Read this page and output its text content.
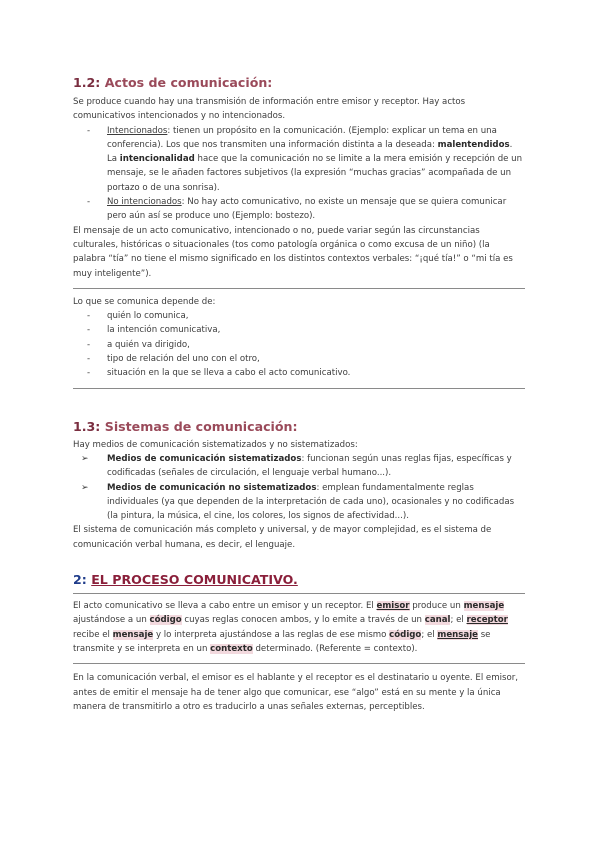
1.2: Actos de comunicación:

Se produce cuando hay una transmisión de información entre emisor y receptor. Hay actos comunicativos intencionados y no intencionados.

- Intencionados: tienen un propósito en la comunicación. (Ejemplo: explicar un tema en una conferencia). Los que nos transmiten una información distinta a la deseada: malentendidos.

La intencionalidad hace que la comunicación no se limite a la mera emisión y recepción de un mensaje, se le añaden factores subjetivos (la expresión “muchas gracias” acompañada de un portazo o de una sonrisa).

- No intencionados: No hay acto comunicativo, no existe un mensaje que se quiera comunicar pero aún así se produce uno (Ejemplo: bostezo).

El mensaje de un acto comunicativo, intencionado o no, puede variar según las circunstancias culturales, históricas o situacionales (tos como patología orgánica o como excusa de un niño) (la palabra “tía” no tiene el mismo significado en los distintos contextos verbales: “¡qué tía!” o “mi tía es muy inteligente”).

Lo que se comunica depende de:

- quién lo comunica,
- la intención comunicativa,
- a quién va dirigido,
- tipo de relación del uno con el otro,
- situación en la que se lleva a cabo el acto comunicativo.
1.3: Sistemas de comunicación:

Hay medios de comunicación sistematizados y no sistematizados:

➢ Medios de comunicación sistematizados: funcionan según unas reglas fijas, específicas y codificadas (señales de circulación, el lenguaje verbal humano...).
➢ Medios de comunicación no sistematizados: emplean fundamentalmente reglas individuales (ya que dependen de la interpretación de cada uno), ocasionales y no codificadas (la pintura, la música, el cine, los colores, los signos de afectividad...).

El sistema de comunicación más completo y universal, y de mayor complejidad, es el sistema de comunicación verbal humana, es decir, el lenguaje.

2: EL PROCESO COMUNICATIVO.

El acto comunicativo se lleva a cabo entre un emisor y un receptor. El emisor produce un mensaje ajustándose a un código cuyas reglas conocen ambos, y lo emite a través de un canal; el receptor recibe el mensaje y lo interpreta ajustándose a las reglas de ese mismo código; el mensaje se transmite y se interpreta en un contexto determinado. (Referente = contexto).

En la comunicación verbal, el emisor es el hablante y el receptor es el destinatario u oyente. El emisor, antes de emitir el mensaje ha de tener algo que comunicar, ese “algo” está en su mente y la única manera de transmitirlo a otro es traducirlo a unas señales externas, perceptibles.
